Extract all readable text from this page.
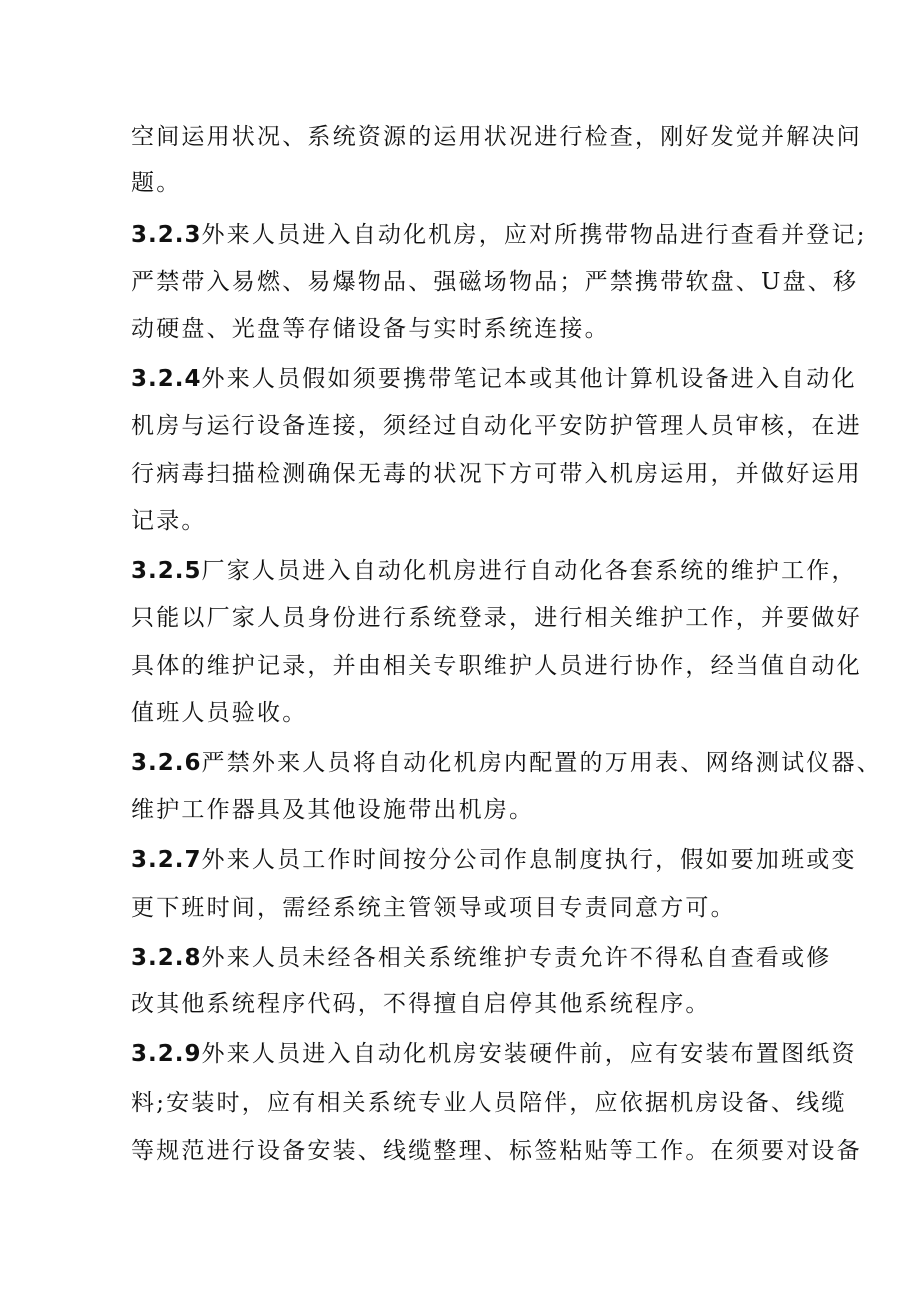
空间运用状况、系统资源的运用状况进行检查，刚好发觉并解决问

题。

3.2.3外来人员进入自动化机房，应对所携带物品进行查看并登记;

严禁带入易燃、易爆物品、强磁场物品；严禁携带软盘、U盘、移

动硬盘、光盘等存储设备与实时系统连接。

3.2.4外来人员假如须要携带笔记本或其他计算机设备进入自动化

机房与运行设备连接，须经过自动化平安防护管理人员审核，在进

行病毒扫描检测确保无毒的状况下方可带入机房运用，并做好运用

记录。

3.2.5厂家人员进入自动化机房进行自动化各套系统的维护工作，

只能以厂家人员身份进行系统登录，进行相关维护工作，并要做好

具体的维护记录，并由相关专职维护人员进行协作，经当值自动化

值班人员验收。

3.2.6严禁外来人员将自动化机房内配置的万用表、网络测试仪器、

维护工作器具及其他设施带出机房。

3.2.7外来人员工作时间按分公司作息制度执行，假如要加班或变

更下班时间，需经系统主管领导或项目专责同意方可。

3.2.8外来人员未经各相关系统维护专责允许不得私自查看或修

改其他系统程序代码，不得擅自启停其他系统程序。

3.2.9外来人员进入自动化机房安装硬件前，应有安装布置图纸资

料;安装时，应有相关系统专业人员陪伴，应依据机房设备、线缆

等规范进行设备安装、线缆整理、标签粘贴等工作。在须要对设备
